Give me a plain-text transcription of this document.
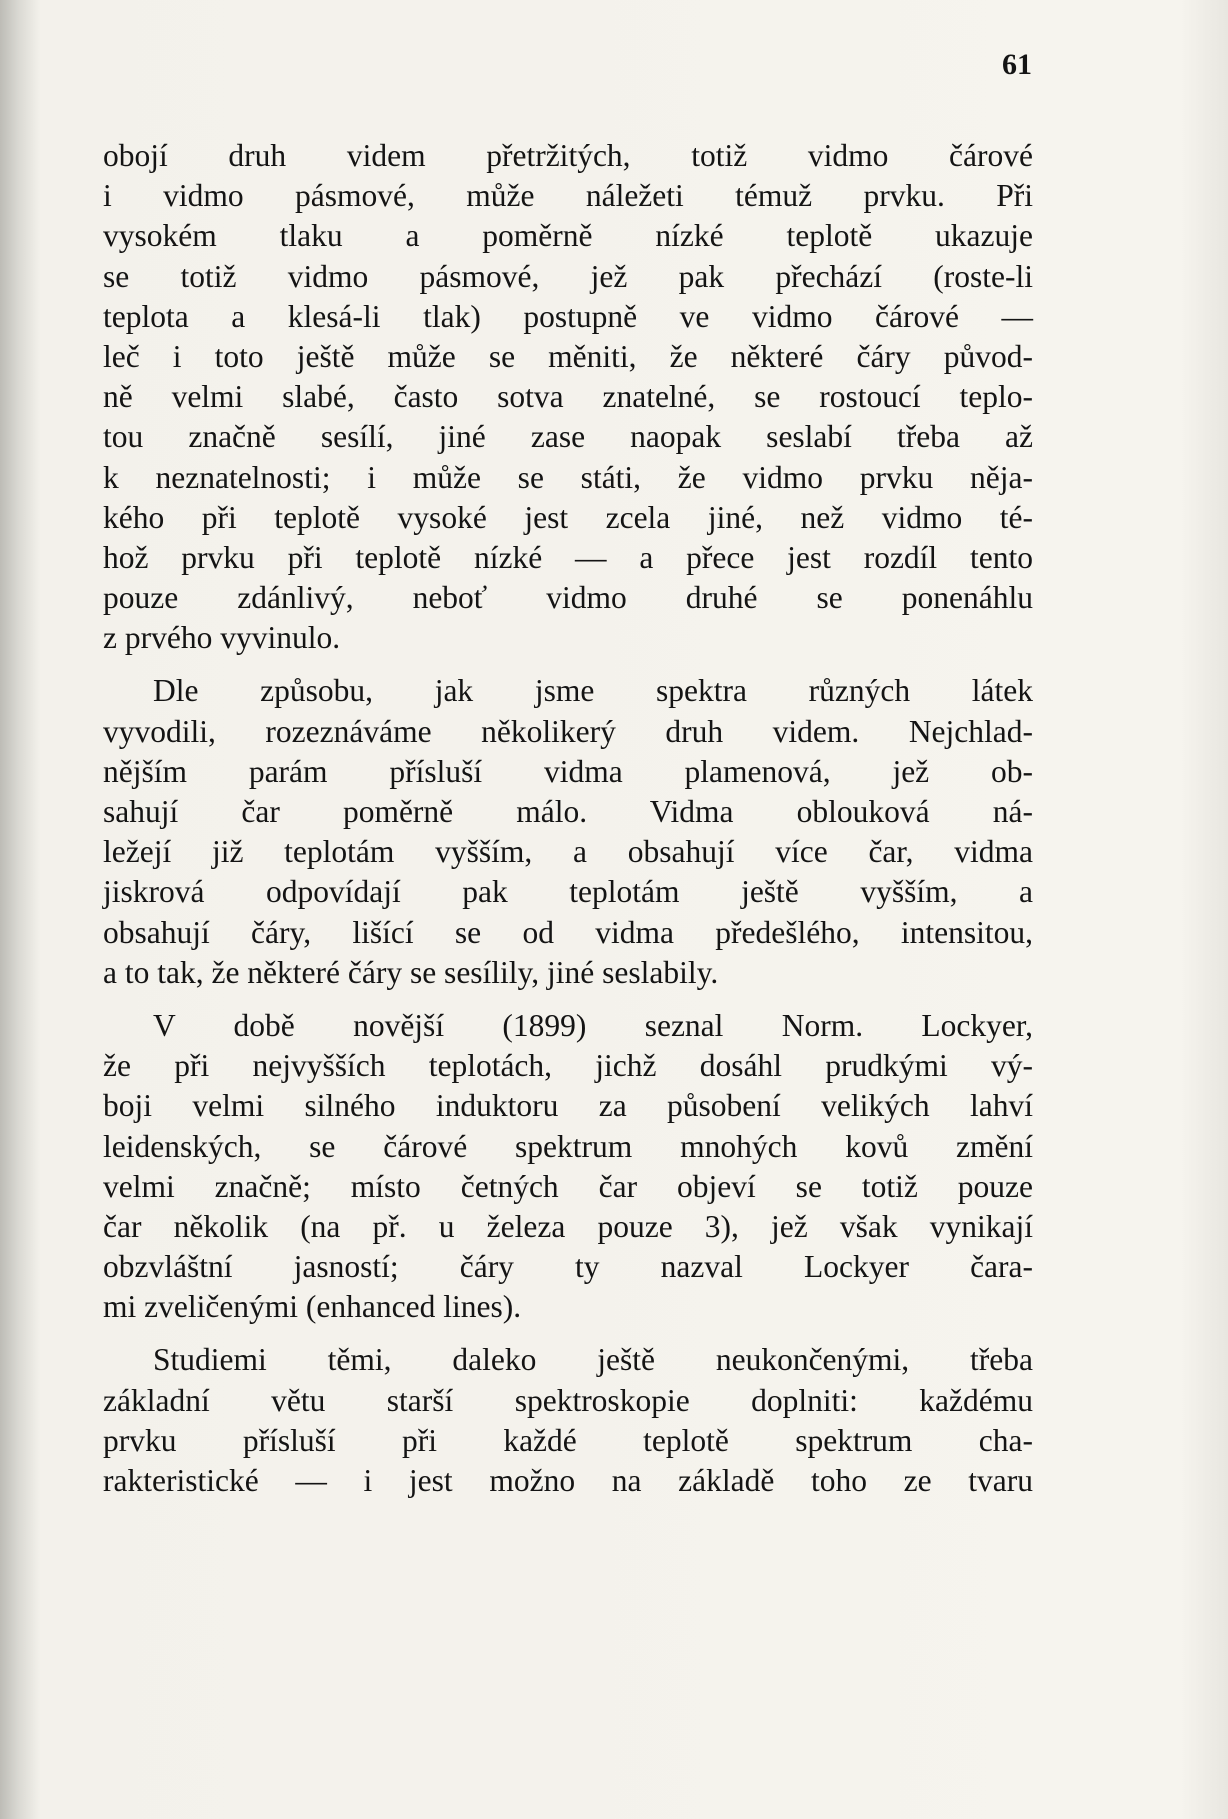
61
obojí druh videm přetržitých, totiž vidmo čárové
i vidmo pásmové, může náležeti témuž prvku. Při
vysokém tlaku a poměrně nízké teplotě ukazuje
se totiž vidmo pásmové, jež pak přechází (roste-li
teplota a klesá-li tlak) postupně ve vidmo čárové —
leč i toto ještě může se měniti, že některé čáry původ-
ně velmi slabé, často sotva znatelné, se rostoucí teplo-
tou značně sesílí, jiné zase naopak seslabí třeba až
k neznatelnosti; i může se státi, že vidmo prvku něja-
kého při teplotě vysoké jest zcela jiné, než vidmo té-
hož prvku při teplotě nízké — a přece jest rozdíl tento
pouze zdánlivý, neboť vidmo druhé se ponenáhlu
z prvého vyvinulo.
Dle způsobu, jak jsme spektra různých látek
vyvodili, rozeznáváme několikerý druh videm. Nejchlad-
nějším parám přísluší vidma plamenová, jež ob-
sahují čar poměrně málo. Vidma oblouková ná-
ležejí již teplotám vyšším, a obsahují více čar, vidma
jiskrová odpovídají pak teplotám ještě vyšším, a
obsahují čáry, lišící se od vidma předešlého, intensitou,
a to tak, že některé čáry se sesílily, jiné seslabily.
V době novější (1899) seznal Norm. Lockyer,
že při nejvyšších teplotách, jichž dosáhl prudkými vý-
boji velmi silného induktoru za působení velikých lahví
leidenských, se čárové spektrum mnohých kovů změní
velmi značně; místo četných čar objeví se totiž pouze
čar několik (na př. u železa pouze 3), jež však vynikají
obzvláštní jasností; čáry ty nazval Lockyer čara-
mi zveličenými (enhanced lines).
Studiemi těmi, daleko ještě neukončenými, třeba
základní větu starší spektroskopie doplniti: každému
prvku přísluší při každé teplotě spektrum cha-
rakteristické — i jest možno na základě toho ze tvaru
